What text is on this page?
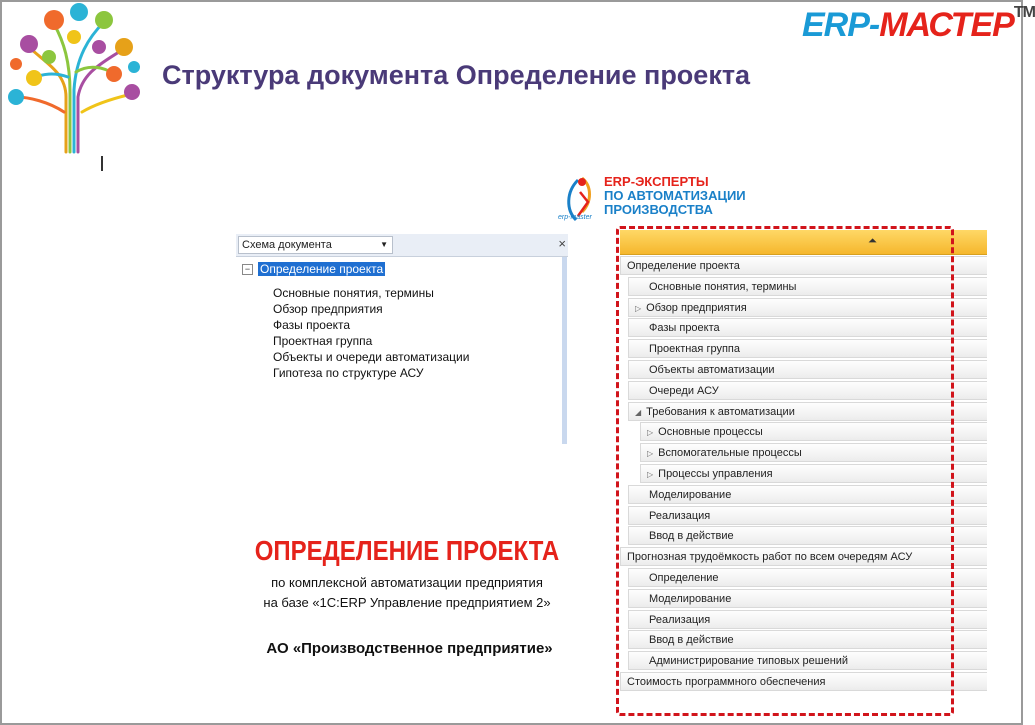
Структура документа Определение проекта
ERP-МАСТЕР™
ERP-ЭКСПЕРТЫ
ПО АВТОМАТИЗАЦИИ
ПРОИЗВОДСТВА
erp-master
Схема документа	▼	×
− Определение проекта
Основные понятия, термины
Обзор предприятия
Фазы проекта
Проектная группа
Объекты и очереди автоматизации
Гипотеза по структуре АСУ
ОПРЕДЕЛЕНИЕ ПРОЕКТА
по комплексной автоматизации предприятия
на базе «1С:ERP Управление предприятием 2»
АО «Производственное предприятие»
⏶
Определение проекта
Основные понятия, термины
▷ Обзор предприятия
Фазы проекта
Проектная группа
Объекты автоматизации
Очереди АСУ
◢ Требования к автоматизации
▷ Основные процессы
▷ Вспомогательные процессы
▷ Процессы управления
Моделирование
Реализация
Ввод в действие
Прогнозная трудоёмкость работ по всем очередям АСУ
Определение
Моделирование
Реализация
Ввод в действие
Администрирование типовых решений
Стоимость программного обеспечения
